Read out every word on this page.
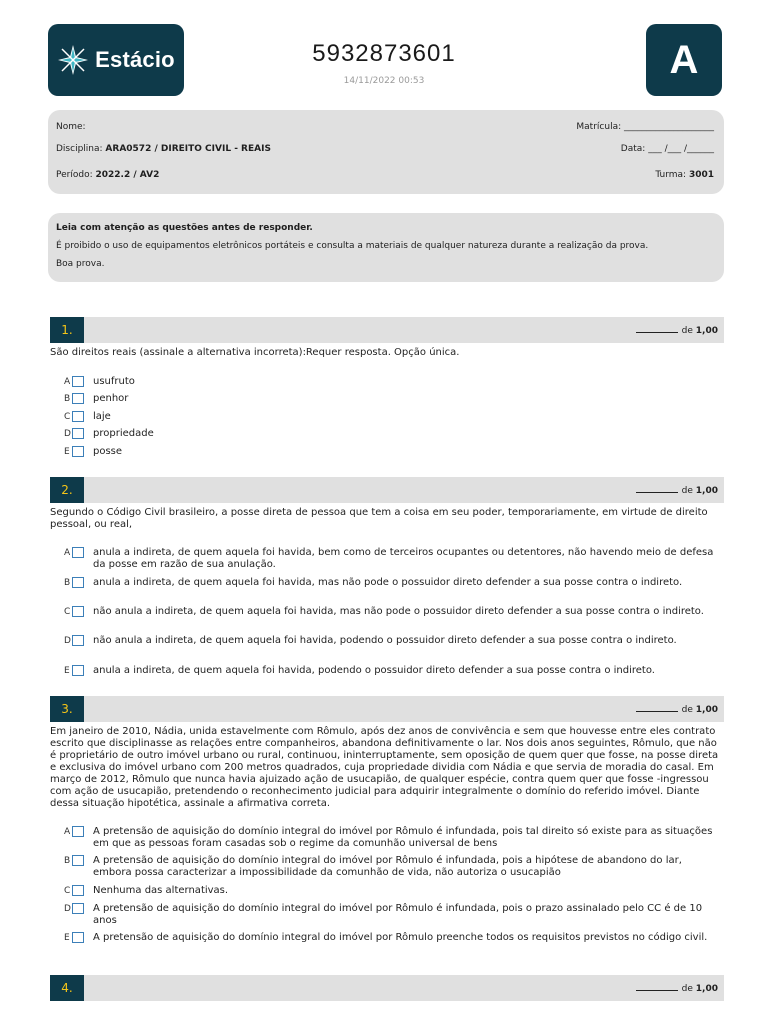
Estácio	5932873601
14/11/2022 00:53	A
Nome:	Matrícula: ____________________
Disciplina: ARA0572 / DIREITO CIVIL - REAIS	Data: ___ /___ /______
Período: 2022.2 / AV2	Turma: 3001
Leia com atenção as questões antes de responder.
É proibido o uso de equipamentos eletrônicos portáteis e consulta a materiais de qualquer natureza durante a realização da prova.
Boa prova.
1.	de 1,00
São direitos reais (assinale a alternativa incorreta):Requer resposta. Opção única.
A usufruto
B penhor
C laje
D propriedade
E posse
2.	de 1,00
Segundo o Código Civil brasileiro, a posse direta de pessoa que tem a coisa em seu poder, temporariamente, em virtude de direito pessoal, ou real,
A anula a indireta, de quem aquela foi havida, bem como de terceiros ocupantes ou detentores, não havendo meio de defesa da posse em razão de sua anulação.
B anula a indireta, de quem aquela foi havida, mas não pode o possuidor direto defender a sua posse contra o indireto.
C não anula a indireta, de quem aquela foi havida, mas não pode o possuidor direto defender a sua posse contra o indireto.
D não anula a indireta, de quem aquela foi havida, podendo o possuidor direto defender a sua posse contra o indireto.
E anula a indireta, de quem aquela foi havida, podendo o possuidor direto defender a sua posse contra o indireto.
3.	de 1,00
Em janeiro de 2010, Nádia, unida estavelmente com Rômulo, após dez anos de convivência e sem que houvesse entre eles contrato escrito que disciplinasse as relações entre companheiros, abandona definitivamente o lar. Nos dois anos seguintes, Rômulo, que não é proprietário de outro imóvel urbano ou rural, continuou, ininterruptamente, sem oposição de quem quer que fosse, na posse direta e exclusiva do imóvel urbano com 200 metros quadrados, cuja propriedade dividia com Nádia e que servia de moradia do casal. Em março de 2012, Rômulo que nunca havia ajuizado ação de usucapião, de qualquer espécie, contra quem quer que fosse -ingressou com ação de usucapião, pretendendo o reconhecimento judicial para adquirir integralmente o domínio do referido imóvel. Diante dessa situação hipotética, assinale a afirmativa correta.
A A pretensão de aquisição do domínio integral do imóvel por Rômulo é infundada, pois tal direito só existe para as situações em que as pessoas foram casadas sob o regime da comunhão universal de bens
B A pretensão de aquisição do domínio integral do imóvel por Rômulo é infundada, pois a hipótese de abandono do lar, embora possa caracterizar a impossibilidade da comunhão de vida, não autoriza o usucapião
C Nenhuma das alternativas.
D A pretensão de aquisição do domínio integral do imóvel por Rômulo é infundada, pois o prazo assinalado pelo CC é de 10 anos
E A pretensão de aquisição do domínio integral do imóvel por Rômulo preenche todos os requisitos previstos no código civil.
4.	de 1,00
